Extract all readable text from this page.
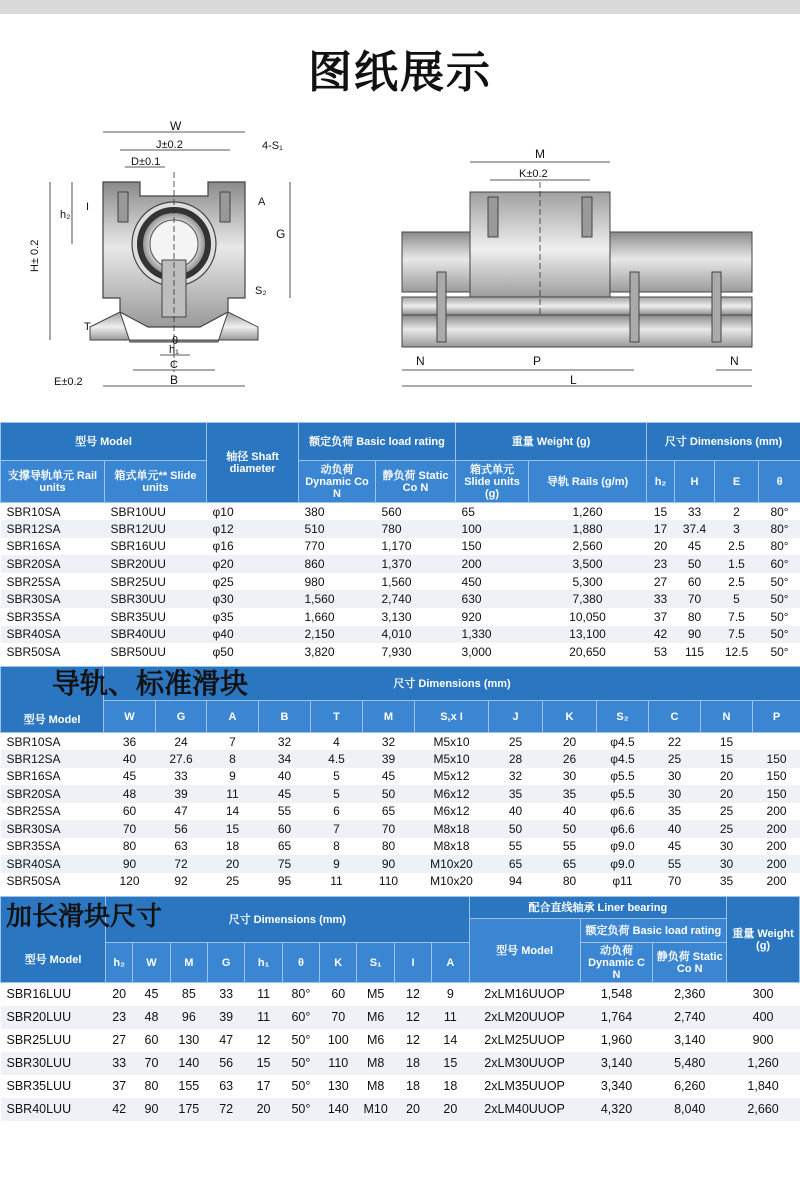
图纸展示
W
J±0.2
D±0.1
4-S₁
H± 0.2
h₂
I	A
G
S₂
T
θ
h₁
C
B
E±0.2
M
K±0.2
N	P	N
L
型号 Model		轴径 Shaft diameter	额定负荷 Basic load rating		重量 Weight (g)		尺寸 Dimensions (mm)			
支撑导轨单元 Rail units	箱式单元** Slide units		动负荷 Dynamic Co N	静负荷 Static Co N	箱式单元 Slide units (g)	导轨 Rails (g/m)	h₂	H	E	θ
SBR10SA	SBR10UU	φ10	380	560	65	1,260	15	33	2	80°
SBR12SA	SBR12UU	φ12	510	780	100	1,880	17	37.4	3	80°
SBR16SA	SBR16UU	φ16	770	1,170	150	2,560	20	45	2.5	80°
SBR20SA	SBR20UU	φ20	860	1,370	200	3,500	23	50	1.5	60°
SBR25SA	SBR25UU	φ25	980	1,560	450	5,300	27	60	2.5	50°
SBR30SA	SBR30UU	φ30	1,560	2,740	630	7,380	33	70	5	50°
SBR35SA	SBR35UU	φ35	1,660	3,130	920	10,050	37	80	7.5	50°
SBR40SA	SBR40UU	φ40	2,150	4,010	1,330	13,100	42	90	7.5	50°
SBR50SA	SBR50UU	φ50	3,820	7,930	3,000	20,650	53	115	12.5	50°
型号 Model	尺寸 Dimensions (mm)												
	W	G	A	B	T	M	S,x I	J	K	S₂	C	N	P
SBR10SA	36	24	7	32	4	32	M5x10	25	20	φ4.5	22	15	
SBR12SA	40	27.6	8	34	4.5	39	M5x10	28	26	φ4.5	25	15	150
SBR16SA	45	33	9	40	5	45	M5x12	32	30	φ5.5	30	20	150
SBR20SA	48	39	11	45	5	50	M6x12	35	35	φ5.5	30	20	150
SBR25SA	60	47	14	55	6	65	M6x12	40	40	φ6.6	35	25	200
SBR30SA	70	56	15	60	7	70	M8x18	50	50	φ6.6	40	25	200
SBR35SA	80	63	18	65	8	80	M8x18	55	55	φ9.0	45	30	200
SBR40SA	90	72	20	75	9	90	M10x20	65	65	φ9.0	55	30	200
SBR50SA	120	92	25	95	11	110	M10x20	94	80	φ11	70	35	200
型号 Model	尺寸 Dimensions (mm)										配合直线轴承 Liner bearing			重量 Weight (g)
											型号 Model	额定负荷 Basic load rating		
	h₂	W	M	G	h₁	θ	K	S₁	I	A		动负荷 Dynamic C N	静负荷 Static Co N	
SBR16LUU	20	45	85	33	11	80°	60	M5	12	9	2xLM16UUOP	1,548	2,360	300
SBR20LUU	23	48	96	39	11	60°	70	M6	12	11	2xLM20UUOP	1,764	2,740	400
SBR25LUU	27	60	130	47	12	50°	100	M6	12	14	2xLM25UUOP	1,960	3,140	900
SBR30LUU	33	70	140	56	15	50°	110	M8	18	15	2xLM30UUOP	3,140	5,480	1,260
SBR35LUU	37	80	155	63	17	50°	130	M8	18	18	2xLM35UUOP	3,340	6,260	1,840
SBR40LUU	42	90	175	72	20	50°	140	M10	20	20	2xLM40UUOP	4,320	8,040	2,660
导轨、标准滑块
加长滑块尺寸
